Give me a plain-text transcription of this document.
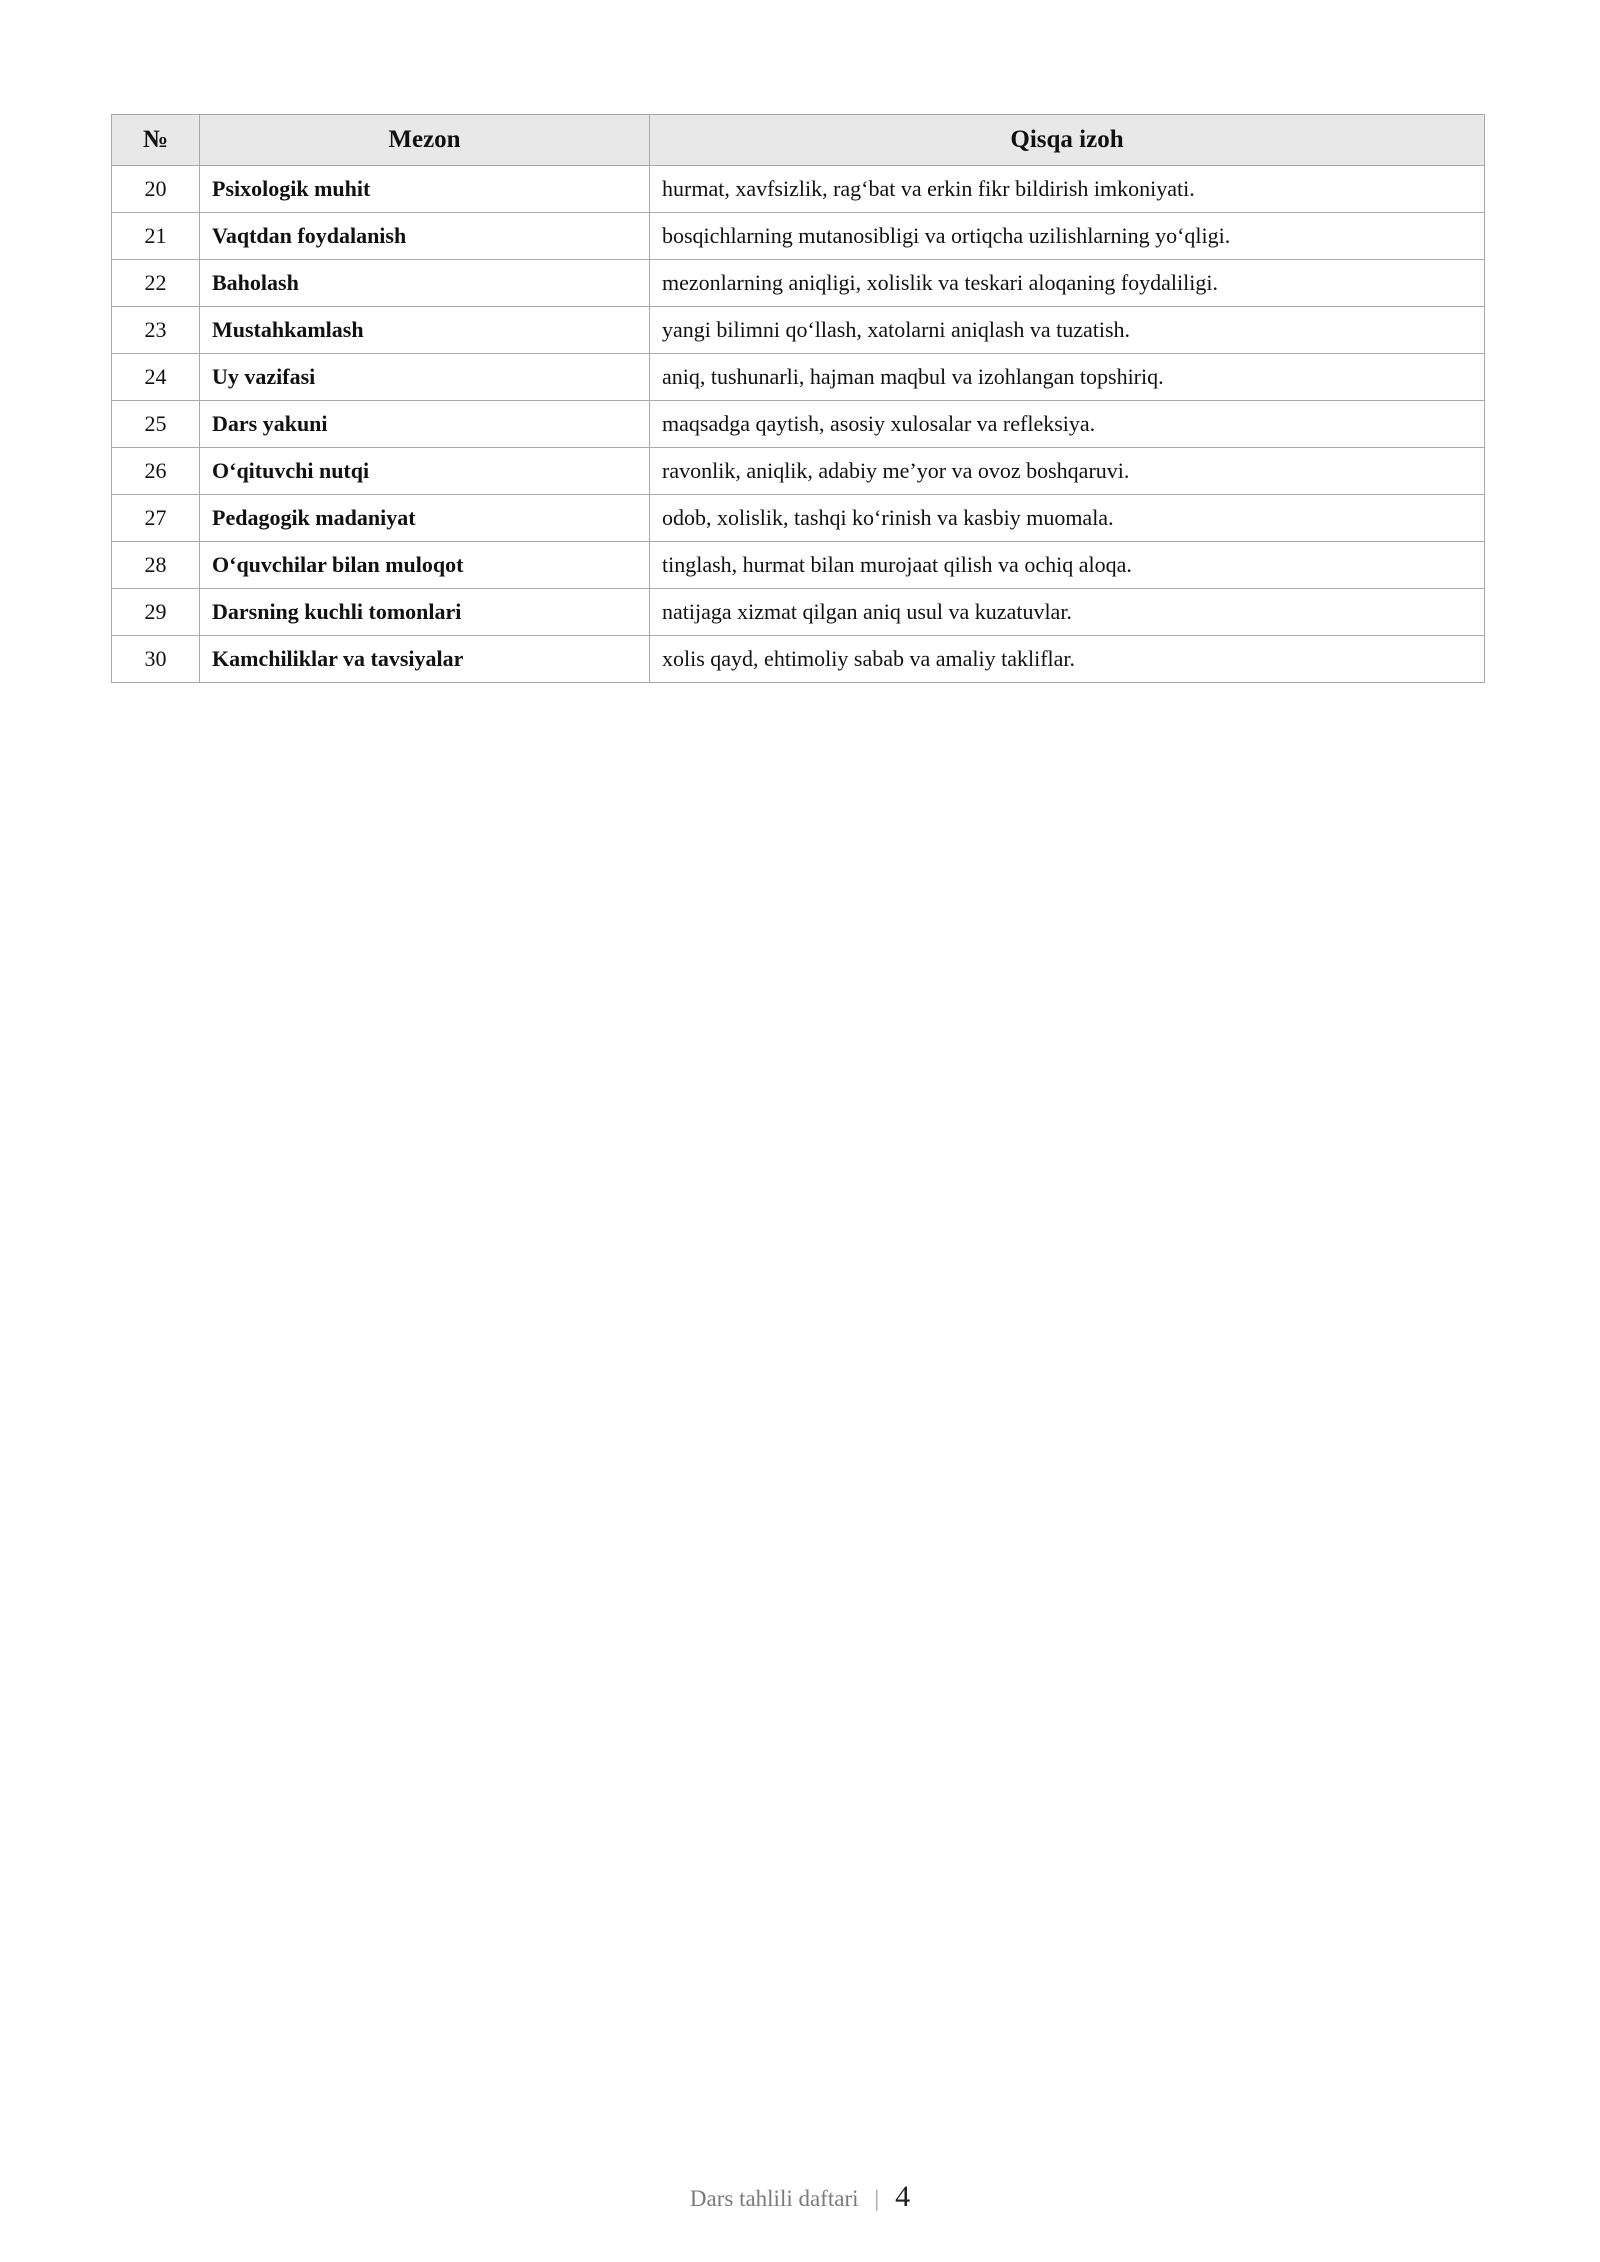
№	Mezon	Qisqa izoh
20	Psixologik muhit	hurmat, xavfsizlik, rag‘bat va erkin fikr bildirish imkoniyati.
21	Vaqtdan foydalanish	bosqichlarning mutanosibligi va ortiqcha uzilishlarning yo‘qligi.
22	Baholash	mezonlarning aniqligi, xolislik va teskari aloqaning foydaliligi.
23	Mustahkamlash	yangi bilimni qo‘llash, xatolarni aniqlash va tuzatish.
24	Uy vazifasi	aniq, tushunarli, hajman maqbul va izohlangan topshiriq.
25	Dars yakuni	maqsadga qaytish, asosiy xulosalar va refleksiya.
26	O‘qituvchi nutqi	ravonlik, aniqlik, adabiy me’yor va ovoz boshqaruvi.
27	Pedagogik madaniyat	odob, xolislik, tashqi ko‘rinish va kasbiy muomala.
28	O‘quvchilar bilan muloqot	tinglash, hurmat bilan murojaat qilish va ochiq aloqa.
29	Darsning kuchli tomonlari	natijaga xizmat qilgan aniq usul va kuzatuvlar.
30	Kamchiliklar va tavsiyalar	xolis qayd, ehtimoliy sabab va amaliy takliflar.
Dars tahlili daftari | 4
